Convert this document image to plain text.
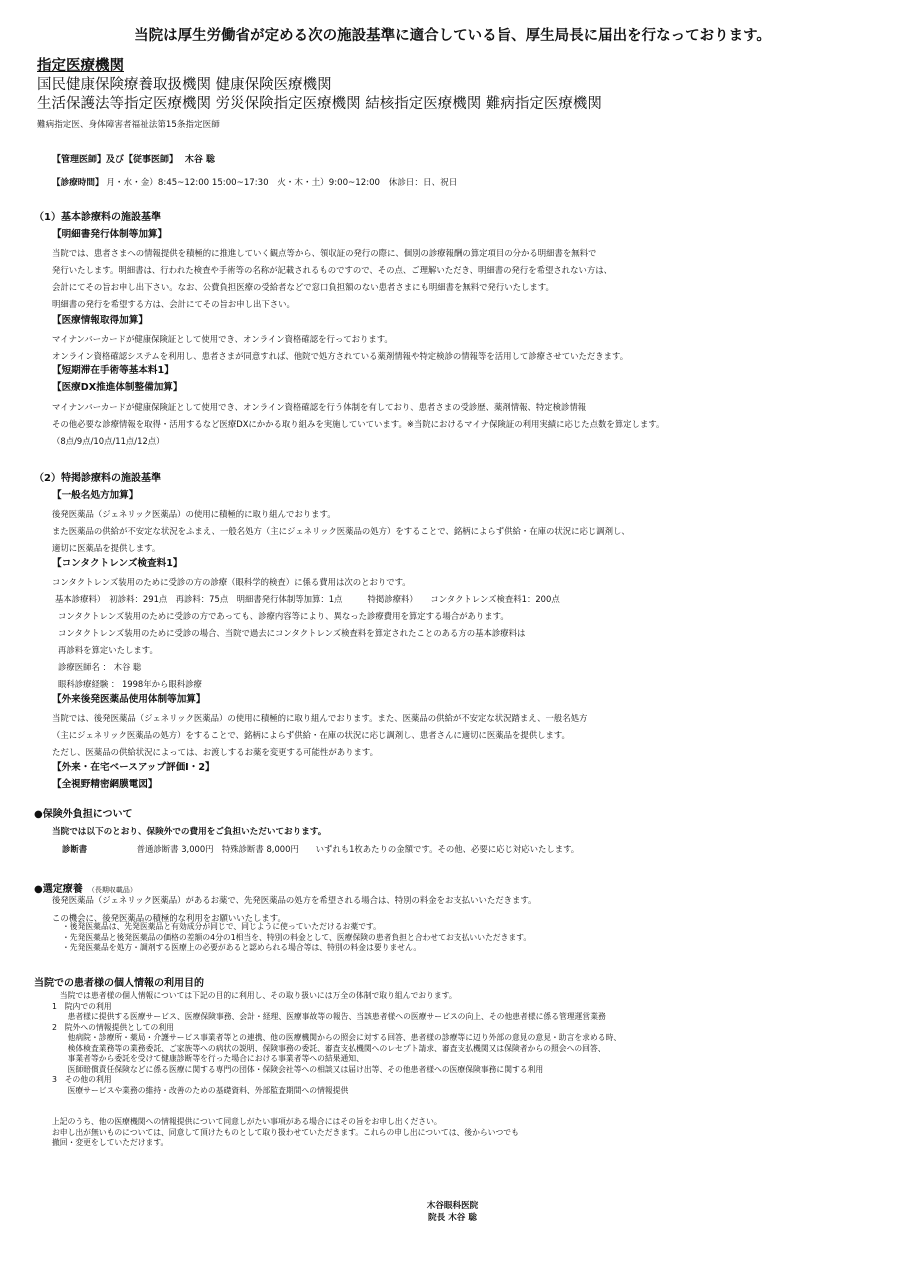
当院は厚生労働省が定める次の施設基準に適合している旨、厚生局長に届出を行なっております。
指定医療機関
国民健康保険療養取扱機関 健康保険医療機関
生活保護法等指定医療機関 労災保険指定医療機関 結核指定医療機関 難病指定医療機関
難病指定医、身体障害者福祉法第15条指定医師
【管理医師】及び【従事医師】 木谷 聡
【診療時間】 月・水・金）8:45~12:00 15:00~17:30　火・木・土）9:00~12:00　休診日：日、祝日
（1）基本診療料の施設基準
【明細書発行体制等加算】
当院では、患者さまへの情報提供を積極的に推進していく観点等から、領収証の発行の際に、個別の診療報酬の算定項目の分かる明細書を無料で
発行いたします。明細書は、行われた検査や手術等の名称が記載されるものですので、その点、ご理解いただき、明細書の発行を希望されない方は、
会計にてその旨お申し出下さい。なお、公費負担医療の受給者などで窓口負担額のない患者さまにも明細書を無料で発行いたします。
明細書の発行を希望する方は、会計にてその旨お申し出下さい。
【医療情報取得加算】
マイナンバーカードが健康保険証として使用でき、オンライン資格確認を行っております。
オンライン資格確認システムを利用し、患者さまが同意すれば、他院で処方されている薬剤情報や特定検診の情報等を活用して診療させていただきます。
【短期滞在手術等基本料1】
【医療DX推進体制整備加算】
マイナンバーカードが健康保険証として使用でき、オンライン資格確認を行う体制を有しており、患者さまの受診歴、薬剤情報、特定検診情報
その他必要な診療情報を取得・活用するなど医療DXにかかる取り組みを実施していています。※当院におけるマイナ保険証の利用実績に応じた点数を算定します。
（8点/9点/10点/11点/12点）
（2）特掲診療料の施設基準
【一般名処方加算】
後発医薬品（ジェネリック医薬品）の使用に積極的に取り組んでおります。
また医薬品の供給が不安定な状況をふまえ、一般名処方（主にジェネリック医薬品の処方）をすることで、銘柄によらず供給・在庫の状況に応じ調剤し、
適切に医薬品を提供します。
【コンタクトレンズ検査料1】
コンタクトレンズ装用のために受診の方の診療（眼科学的検査）に係る費用は次のとおりです。
基本診療料）　初診料：291点　再診料：75点　明細書発行体制等加算：1点　　　特掲診療料）　　コンタクトレンズ検査料1：200点
コンタクトレンズ装用のために受診の方であっても、診療内容等により、異なった診療費用を算定する場合があります。
コンタクトレンズ装用のために受診の場合、当院で過去にコンタクトレンズ検査料を算定されたことのある方の基本診療料は
再診料を算定いたします。
診療医師名 ： 木谷 聡
眼科診療経験 ： 1998年から眼科診療
【外来後発医薬品使用体制等加算】
当院では、後発医薬品（ジェネリック医薬品）の使用に積極的に取り組んでおります。また、医薬品の供給が不安定な状況踏まえ、一般名処方
（主にジェネリック医薬品の処方）をすることで、銘柄によらず供給・在庫の状況に応じ調剤し、患者さんに適切に医薬品を提供します。
ただし、医薬品の供給状況によっては、お渡しするお薬を変更する可能性があります。
【外来・在宅ベースアップ評価Ⅰ・2】
【全視野精密網膜電図】
●保険外負担について
当院では以下のとおり、保険外での費用をご負担いただいております。
診断書	普通診断書 3,000円　特殊診断書 8,000円　　いずれも1枚あたりの金額です。その他、必要に応じ対応いたします。
●選定療養 （長期収載品）
後発医薬品（ジェネリック医薬品）があるお薬で、先発医薬品の処方を希望される場合は、特別の料金をお支払いいただきます。
この機会に、後発医薬品の積極的な利用をお願いいたします。
・後発医薬品は、先発医薬品と有効成分が同じで、同じように使っていただけるお薬です。
・先発医薬品と後発医薬品の価格の差額の4分の1相当を、特別の料金として、医療保険の患者負担と合わせてお支払いいただきます。
・先発医薬品を処方・調剤する医療上の必要があると認められる場合等は、特別の料金は要りません。
当院での患者様の個人情報の利用目的
　当院では患者様の個人情報については下記の目的に利用し、その取り扱いには万全の体制で取り組んでおります。
1　院内での利用
　　患者様に提供する医療サービス、医療保険事務、会計・経理、医療事故等の報告、当該患者様への医療サービスの向上、その他患者様に係る管理運営業務
2　院外への情報提供としての利用
　　他病院・診療所・薬局・介護サービス事業者等との連携、他の医療機関からの照会に対する回答、患者様の診療等に辺り外部の意見の意見・助言を求める時、
　　検体検査業務等の業務委託、ご家族等への病状の説明、保険事務の委託、審査支払機関へのレセプト請求、審査支払機関又は保険者からの照会への回答、
　　事業者等から委託を受けて健康診断等を行った場合における事業者等への結果通知、
　　医師賠償責任保険などに係る医療に関する専門の団体・保険会社等への相談又は届け出等、その他患者様への医療保険事務に関する利用
3　その他の利用
　　医療サービスや業務の維持・改善のための基礎資料、外部監査期間への情報提供
上記のうち、他の医療機関への情報提供について同意しがたい事項がある場合にはその旨をお申し出ください。
お申し出が無いものについては、同意して頂けたものとして取り扱わせていただきます。これらの申し出については、後からいつでも
撤回・変更をしていただけます。
木谷眼科医院
院長 木谷 聡
